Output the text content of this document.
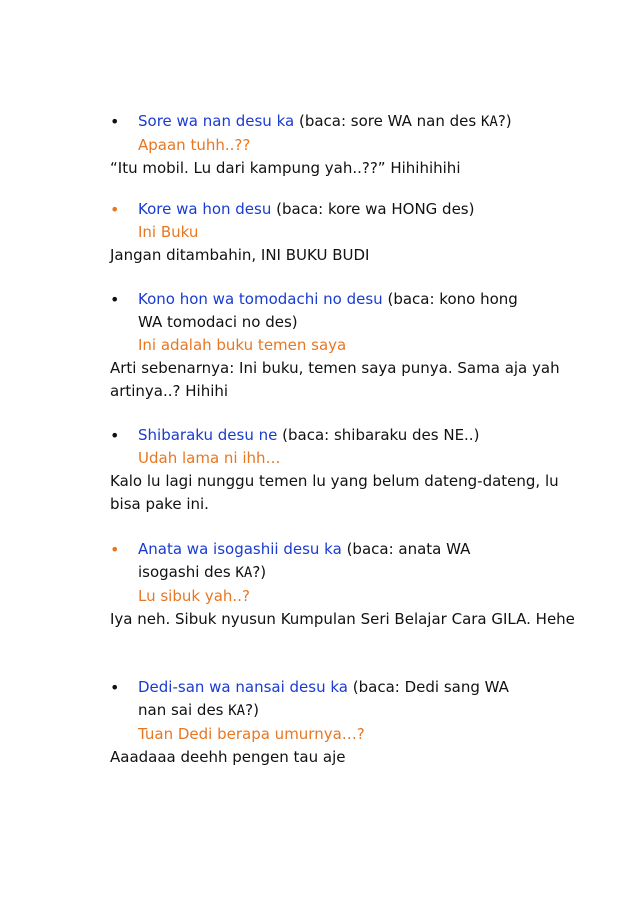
•	Sore wa nan desu ka (baca: sore WA nan des KA?)
Apaan tuhh..??
“Itu mobil. Lu dari kampung yah..??” Hihihihihi
•	Kore wa hon desu (baca: kore wa HONG des)
Ini Buku
Jangan ditambahin, INI BUKU BUDI
•	Kono hon wa tomodachi no desu (baca: kono hong
WA tomodaci no des)
Ini adalah buku temen saya
Arti sebenarnya: Ini buku, temen saya punya. Sama aja yah artinya..? Hihihi
•	Shibaraku desu ne (baca: shibaraku des NE..)
Udah lama ni ihh…
Kalo lu lagi nunggu temen lu yang belum dateng-dateng, lu bisa pake ini.
•	Anata wa isogashii desu ka (baca: anata WA
isogashi des KA?)
Lu sibuk yah..?
Iya neh. Sibuk nyusun Kumpulan Seri Belajar Cara GILA. Hehe
•	Dedi-san wa nansai desu ka (baca: Dedi sang WA
nan sai des KA?)
Tuan Dedi berapa umurnya…?
Aaadaaa deehh pengen tau aje
